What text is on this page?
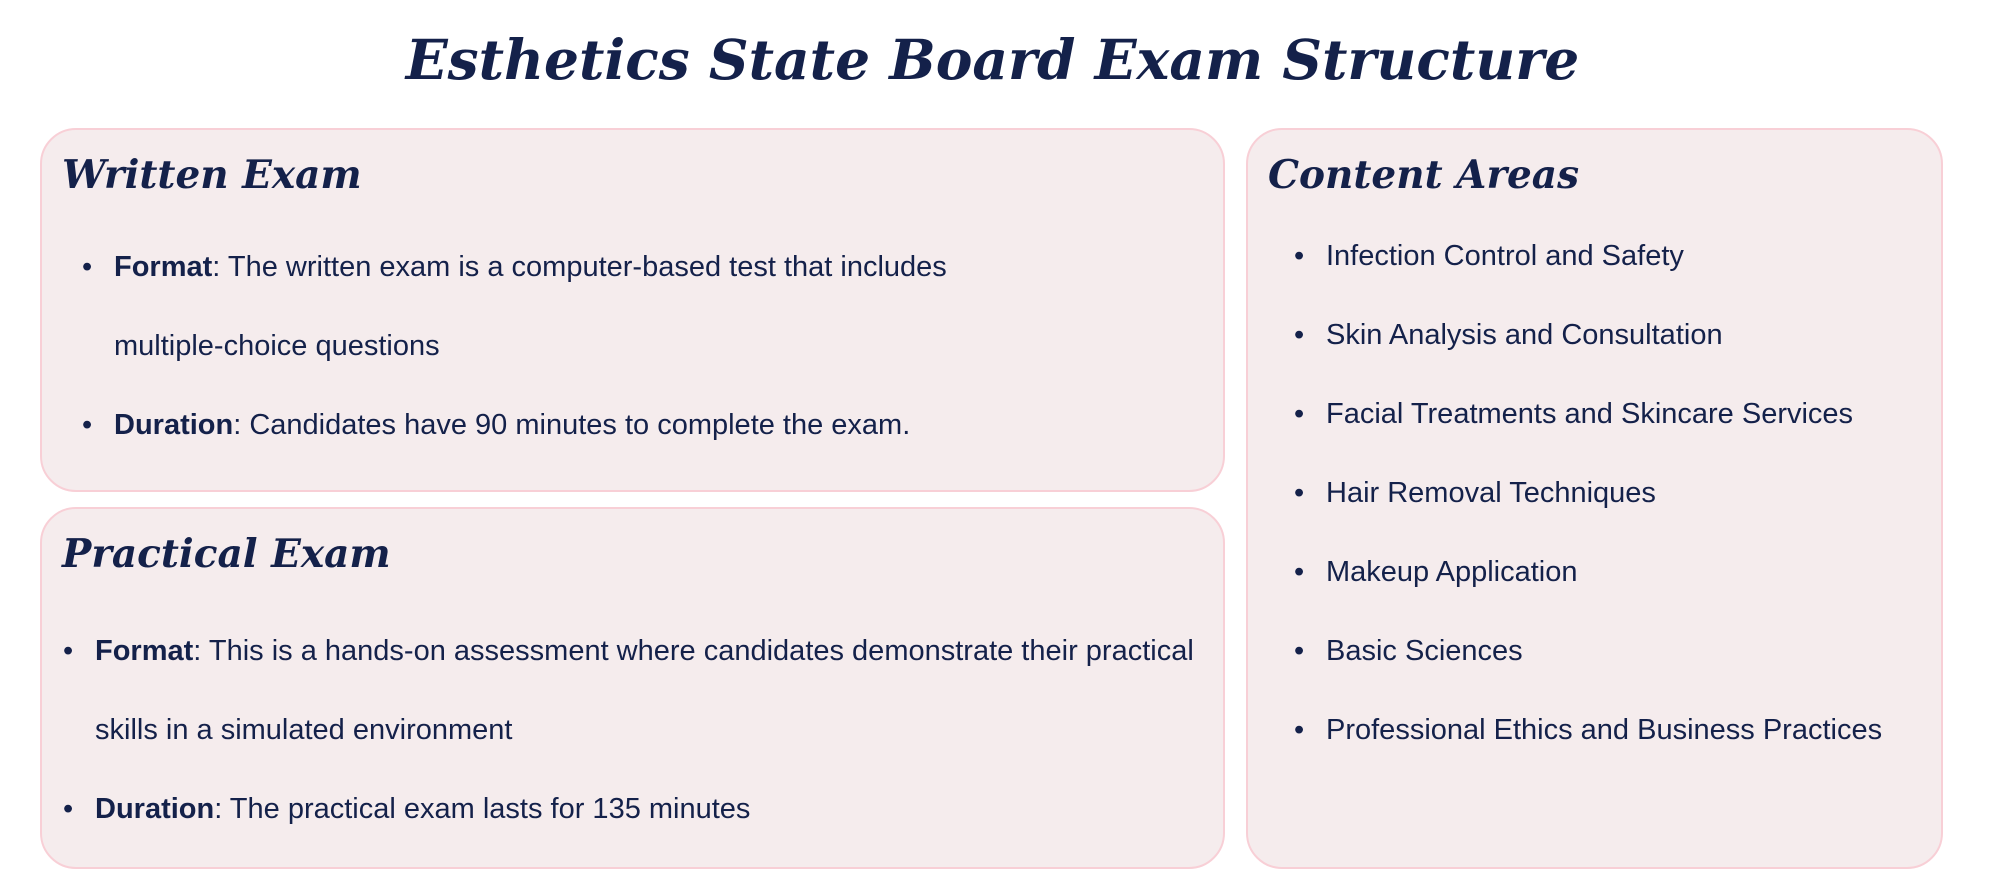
Esthetics State Board Exam Structure
Written Exam
Practical Exam
Content Areas
• Format: The written exam is a computer-based test that includes multiple-choice questions
• Duration: Candidates have 90 minutes to complete the exam.
• Format: This is a hands-on assessment where candidates demonstrate their practical skills in a simulated environment
• Duration: The practical exam lasts for 135 minutes
• Infection Control and Safety
• Skin Analysis and Consultation
• Facial Treatments and Skincare Services
• Hair Removal Techniques
• Makeup Application
• Basic Sciences
• Professional Ethics and Business Practices
